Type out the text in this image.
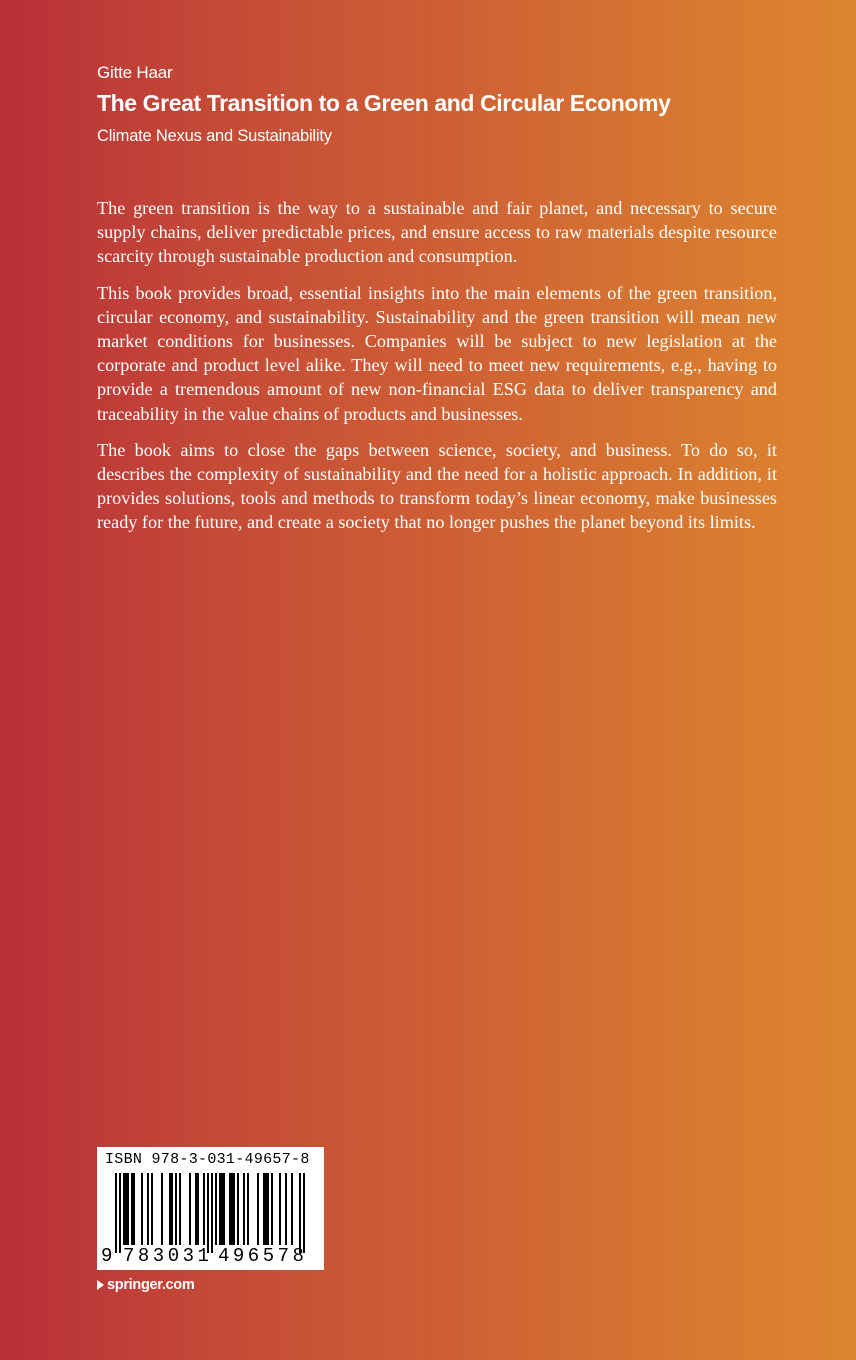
Gitte Haar
The Great Transition to a Green and Circular Economy
Climate Nexus and Sustainability

The green transition is the way to a sustainable and fair planet, and necessary to secure supply chains, deliver predictable prices, and ensure access to raw materials despite resource scarcity through sustainable production and consumption.

This book provides broad, essential insights into the main elements of the green transition, circular economy, and sustainability. Sustainability and the green transition will mean new market conditions for businesses. Companies will be subject to new legislation at the corporate and product level alike. They will need to meet new requirements, e.g., having to provide a tremendous amount of new non-financial ESG data to deliver transparency and traceability in the value chains of products and businesses.

The book aims to close the gaps between science, society, and business. To do so, it describes the complexity of sustainability and the need for a holistic approach. In addition, it provides solutions, tools and methods to transform today’s linear economy, make businesses ready for the future, and create a society that no longer pushes the planet beyond its limits.

ISBN 978-3-031-49657-8
9 783031 496578
springer.com
